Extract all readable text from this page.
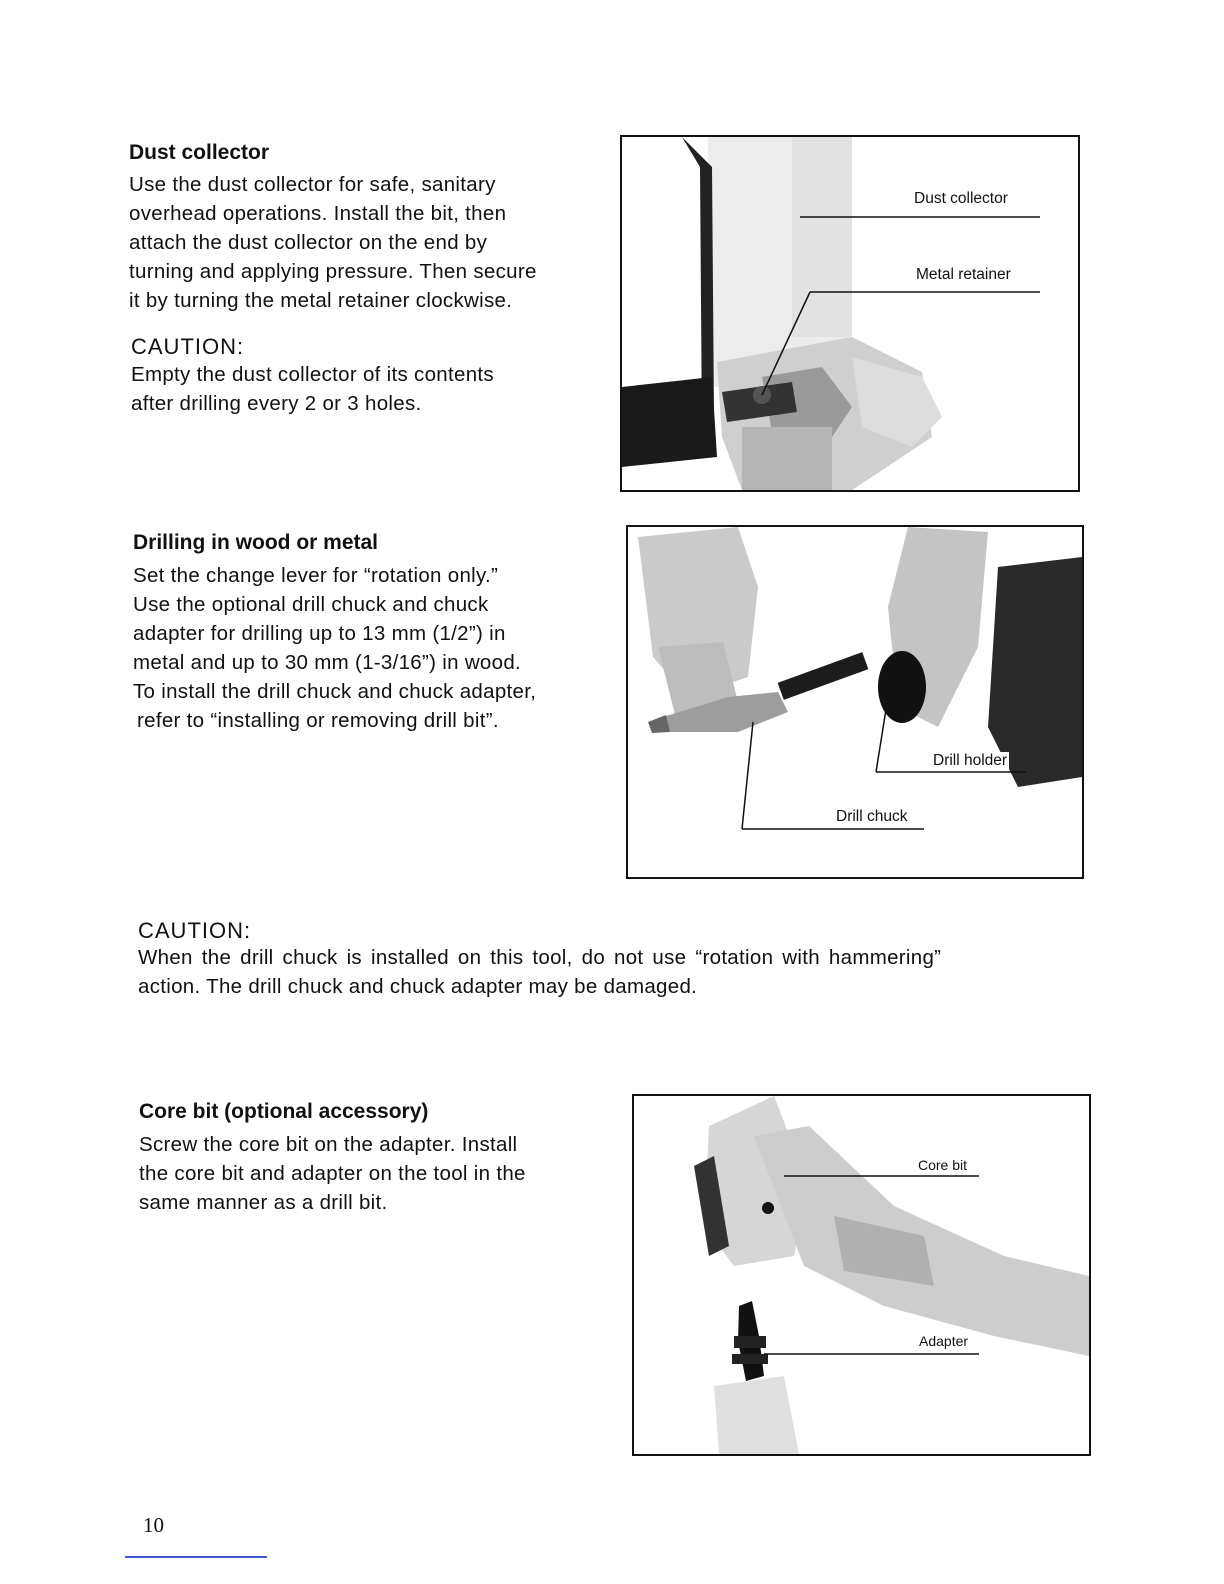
Dust collector
Use the dust collector for safe, sanitary
overhead operations. Install the bit, then
attach the dust collector on the end by
turning and applying pressure. Then secure
it by turning the metal retainer clockwise.
CAUTION:
Empty the dust collector of its contents
after drilling every 2 or 3 holes.
Dust collector
Metal retainer
Drilling in wood or metal
Set the change lever for “rotation only.”
Use the optional drill chuck and chuck
adapter for drilling up to 13 mm (1/2”) in
metal and up to 30 mm (1-3/16”) in wood.
To install the drill chuck and chuck adapter,
refer to “installing or removing drill bit”.
Drill holder
Drill chuck
CAUTION:
When the drill chuck is installed on this tool, do not use “rotation with hammering”
action. The drill chuck and chuck adapter may be damaged.
Core bit (optional accessory)
Screw the core bit on the adapter. Install
the core bit and adapter on the tool in the
same manner as a drill bit.
Core bit
Adapter
10
